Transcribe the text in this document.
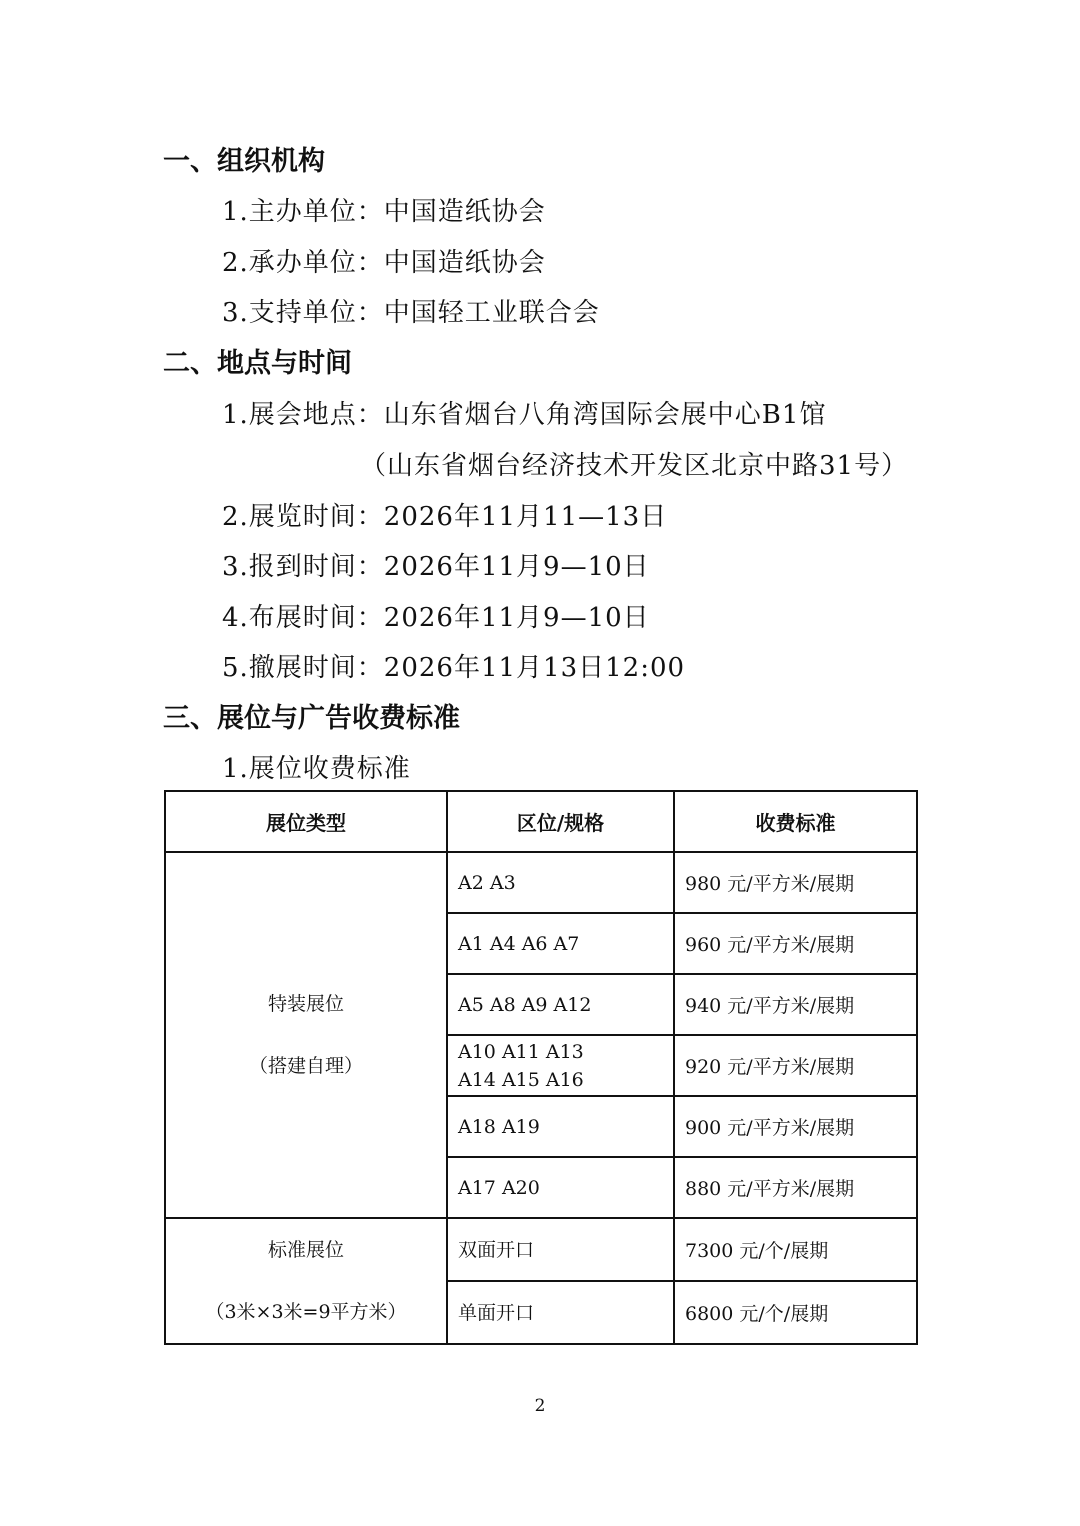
一、组织机构
1.主办单位：中国造纸协会
2.承办单位：中国造纸协会
3.支持单位：中国轻工业联合会
二、地点与时间
1.展会地点：山东省烟台八角湾国际会展中心B1馆
（山东省烟台经济技术开发区北京中路31号）
2.展览时间：2026年11月11—13日
3.报到时间：2026年11月9—10日
4.布展时间：2026年11月9—10日
5.撤展时间：2026年11月13日12:00
三、展位与广告收费标准
1.展位收费标准
展位类型	区位/规格	收费标准

特装展位
（搭建自理）	A2 A3	980 元/平方米/展期
	A1 A4 A6 A7	960 元/平方米/展期
	A5 A8 A9 A12	940 元/平方米/展期

	A10 A11 A13
A14 A15 A16	920 元/平方米/展期
	A18 A19	900 元/平方米/展期
	A17 A20	880 元/平方米/展期

标准展位
（3米×3米=9平方米）	双面开口	7300 元/个/展期
	单面开口	6800 元/个/展期
2
